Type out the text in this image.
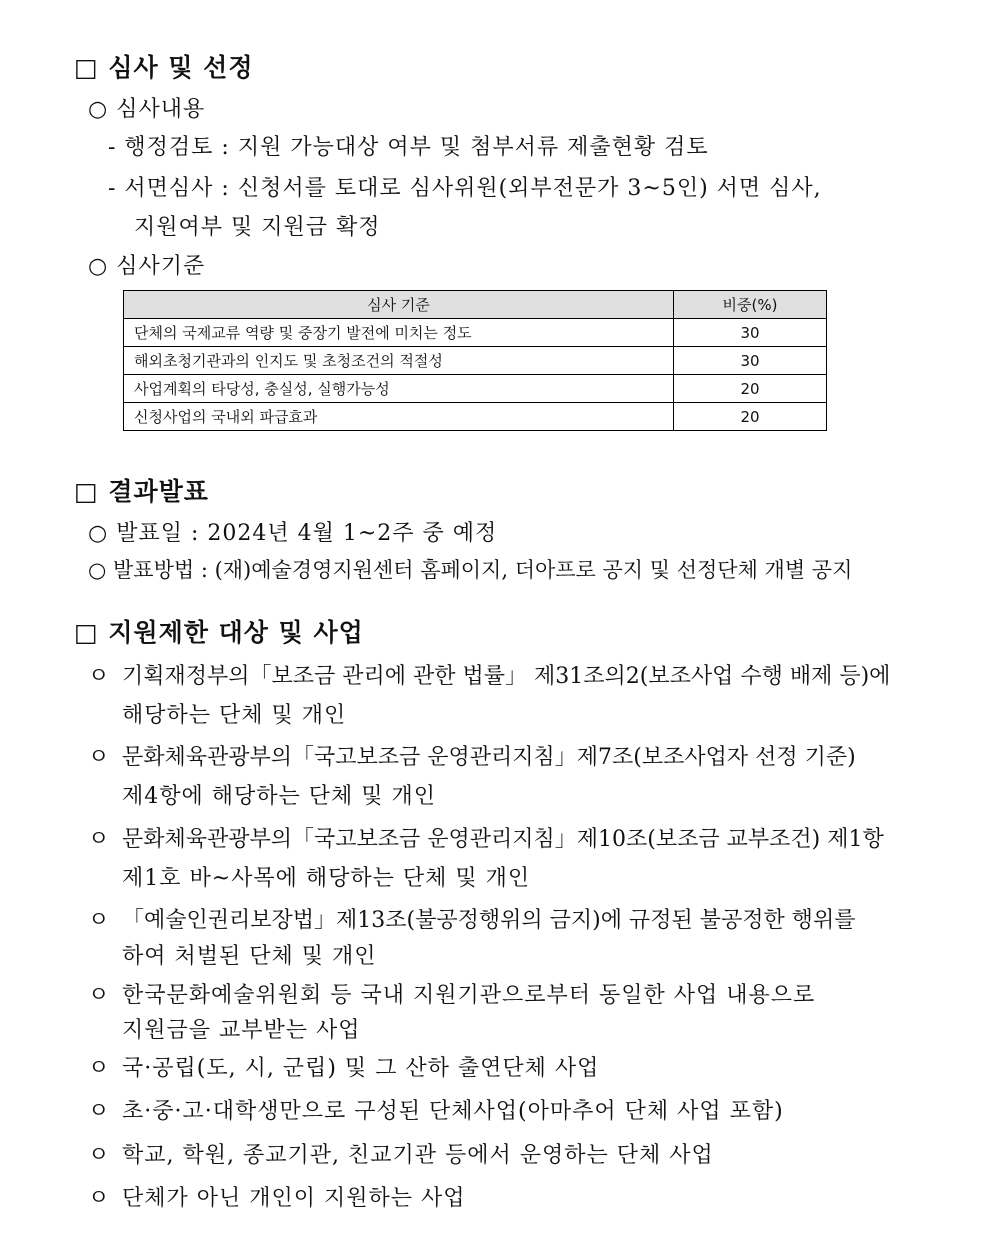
□ 심사 및 선정
○ 심사내용
- 행정검토 : 지원 가능대상 여부 및 첨부서류 제출현황 검토
- 서면심사 : 신청서를 토대로 심사위원(외부전문가 3~5인) 서면 심사,
지원여부 및 지원금 확정
○ 심사기준
심사 기준	비중(%)
단체의 국제교류 역량 및 중장기 발전에 미치는 정도	30
해외초청기관과의 인지도 및 초청조건의 적절성	30
사업계획의 타당성, 충실성, 실행가능성	20
신청사업의 국내외 파급효과	20
□ 결과발표
○ 발표일 : 2024년 4월 1~2주 중 예정
○ 발표방법 : (재)예술경영지원센터 홈페이지, 더아프로 공지 및 선정단체 개별 공지
□ 지원제한 대상 및 사업
ㅇ 기획재정부의「보조금 관리에 관한 법률」 제31조의2(보조사업 수행 배제 등)에
해당하는 단체 및 개인
ㅇ 문화체육관광부의「국고보조금 운영관리지침」제7조(보조사업자 선정 기준)
제4항에 해당하는 단체 및 개인
ㅇ 문화체육관광부의「국고보조금 운영관리지침」제10조(보조금 교부조건) 제1항
제1호 바~사목에 해당하는 단체 및 개인
ㅇ 「예술인권리보장법」제13조(불공정행위의 금지)에 규정된 불공정한 행위를
하여 처벌된 단체 및 개인
ㅇ 한국문화예술위원회 등 국내 지원기관으로부터 동일한 사업 내용으로
지원금을 교부받는 사업
ㅇ 국·공립(도, 시, 군립) 및 그 산하 출연단체 사업
ㅇ 초·중·고·대학생만으로 구성된 단체사업(아마추어 단체 사업 포함)
ㅇ 학교, 학원, 종교기관, 친교기관 등에서 운영하는 단체 사업
ㅇ 단체가 아닌 개인이 지원하는 사업
